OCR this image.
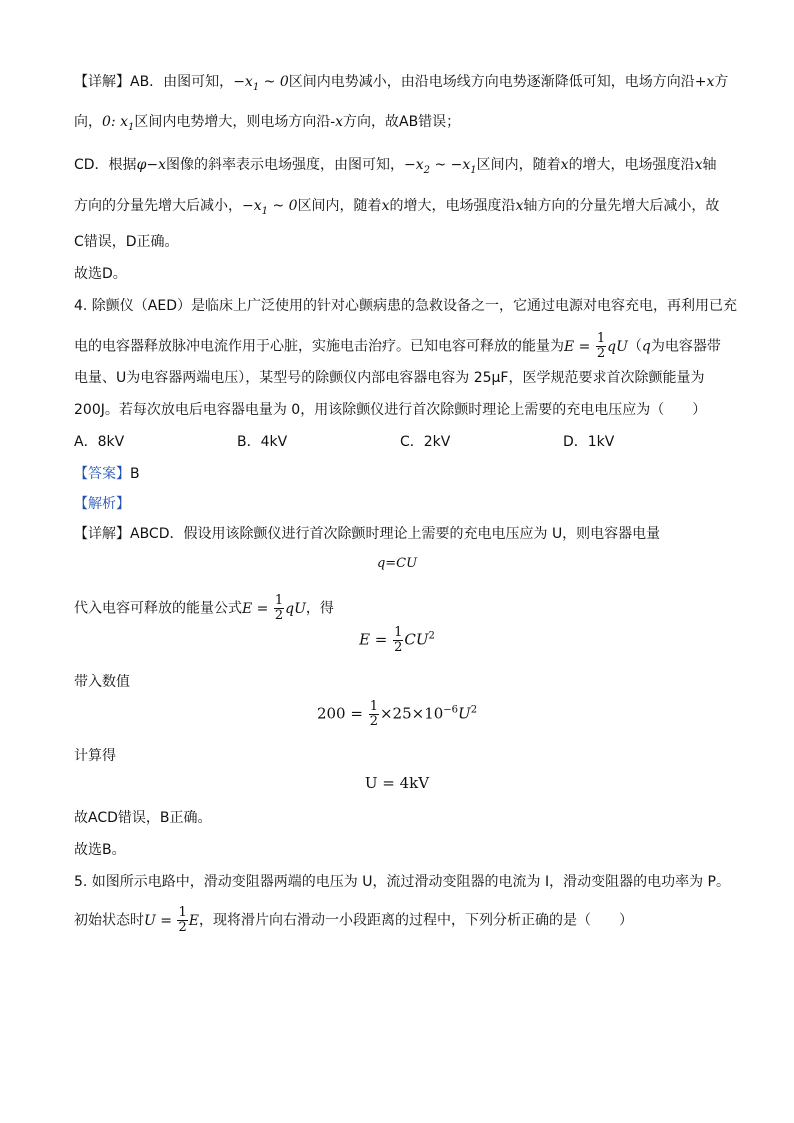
【详解】AB．由图可知，$-x_1$ ~ 0区间内电势减小，由沿电场线方向电势逐渐降低可知，电场方向沿+x方
向，0: $x_1$区间内电势增大，则电场方向沿-x方向，故AB错误；
CD．根据φ−x图像的斜率表示电场强度，由图可知，$-x_2$ ~ $-x_1$区间内，随着x的增大，电场强度沿x轴
方向的分量先增大后减小，$-x_1$ ~ 0区间内，随着x的增大，电场强度沿x轴方向的分量先增大后减小，故
C错误，D正确。
故选D。
4. 除颤仪（AED）是临床上广泛使用的针对心颤病患的急救设备之一，它通过电源对电容充电，再利用已充
电的电容器释放脉冲电流作用于心脏，实施电击治疗。已知电容可释放的能量为$E = \frac{1}{2} qU(q$为电容器带
电量、U为电容器两端电压），某型号的除颤仪内部电容器电容为 25μF，医学规范要求首次除颤能量为
200J。若每次放电后电容器电量为 0，用该除颤仪进行首次除颤时理论上需要的充电电压应为（　　）
A．8kV	B．4kV	C．2kV	D．1kV
【答案】B
【解析】
【详解】ABCD．假设用该除颤仪进行首次除颤时理论上需要的充电电压应为 U，则电容器电量
q=CU
代入电容可释放的能量公式$E = \frac{1}{2}$ qU，得
$E = \frac{1}{2} CU^2$
带入数值
$200 = \frac{1}{2} \times 25\times 10^{-6}U^2$
计算得
U = 4kV
故ACD错误，B正确。
故选B。
5. 如图所示电路中，滑动变阻器两端的电压为 U，流过滑动变阻器的电流为 I，滑动变阻器的电功率为 P。
初始状态时$U = \frac{1}{2}$ E，现将滑片向右滑动一小段距离的过程中，下列分析正确的是（　　）
